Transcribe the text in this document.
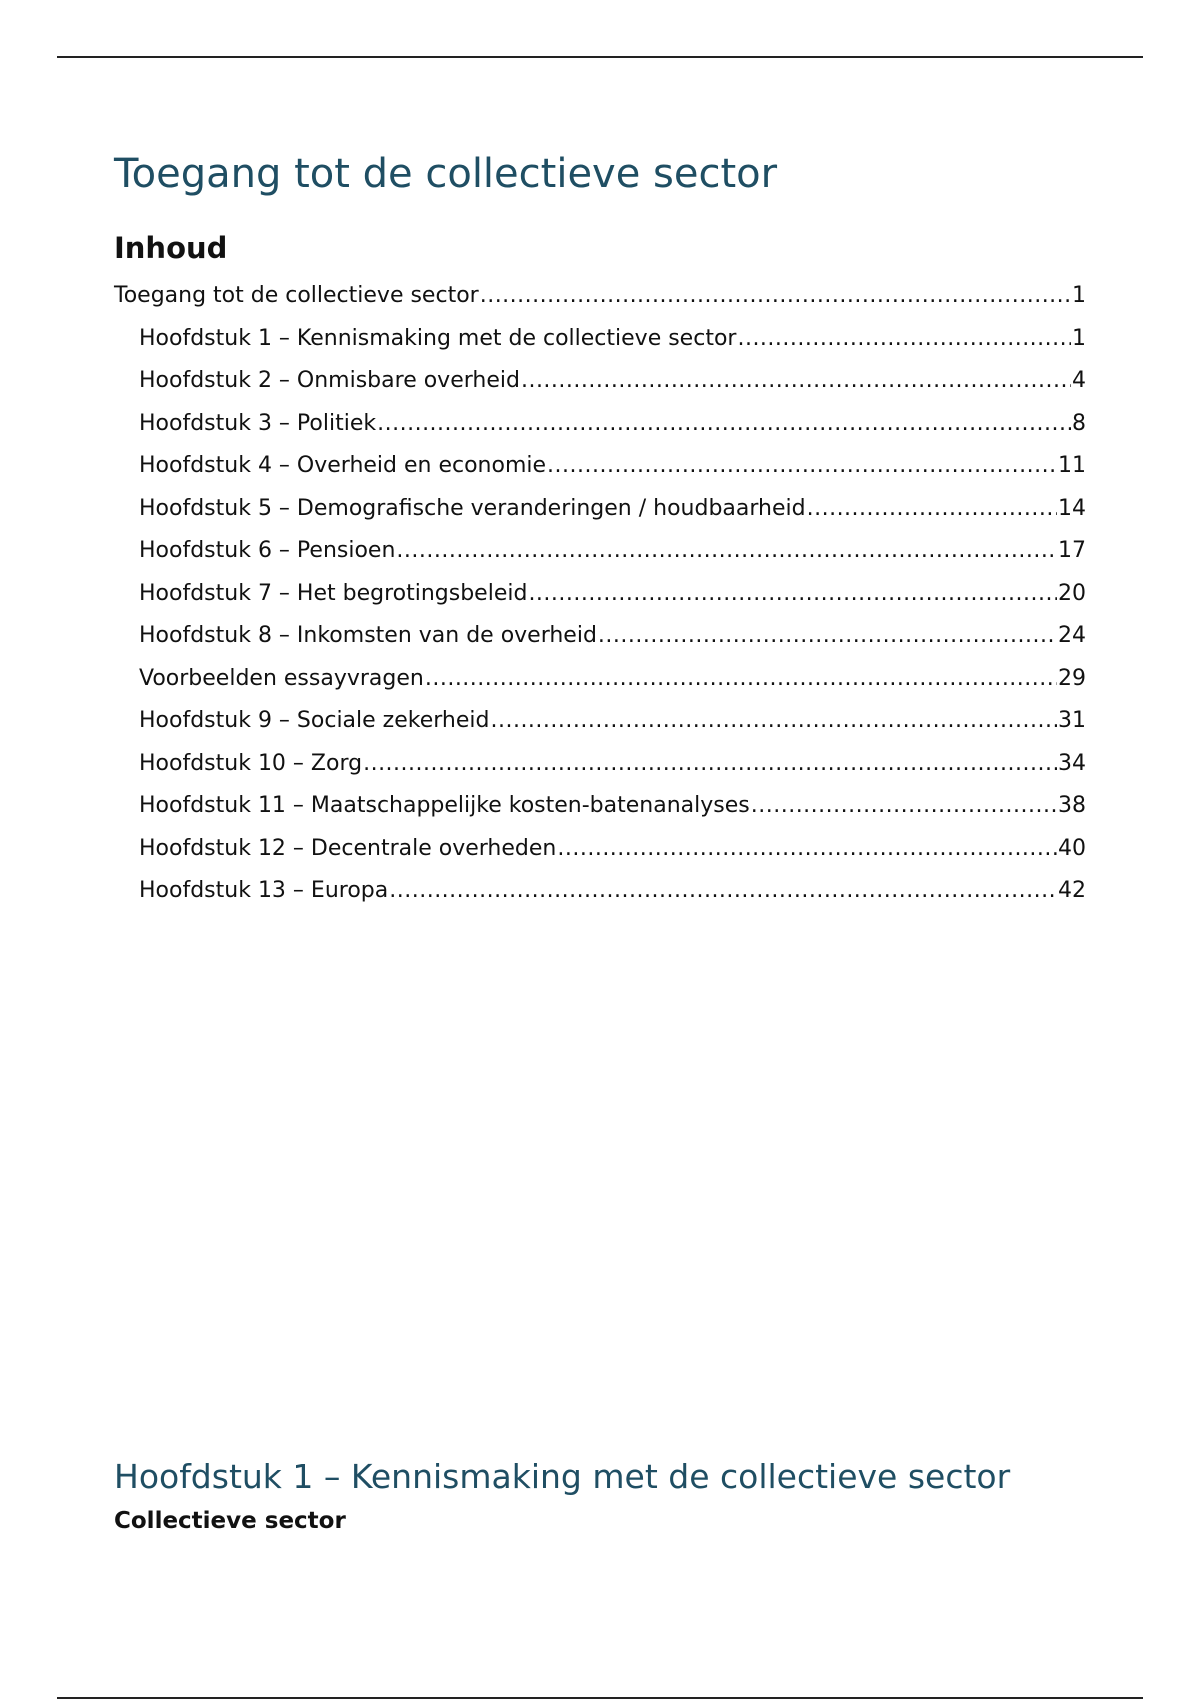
Toegang tot de collectieve sector
Inhoud
Toegang tot de collectieve sector .....	1
Hoofdstuk 1 – Kennismaking met de collectieve sector .....	1
Hoofdstuk 2 – Onmisbare overheid .....	4
Hoofdstuk 3 – Politiek .....	8
Hoofdstuk 4 – Overheid en economie .....	11
Hoofdstuk 5 – Demografische veranderingen / houdbaarheid .....	14
Hoofdstuk 6 – Pensioen .....	17
Hoofdstuk 7 – Het begrotingsbeleid .....	20
Hoofdstuk 8 – Inkomsten van de overheid .....	24
Voorbeelden essayvragen .....	29
Hoofdstuk 9 – Sociale zekerheid .....	31
Hoofdstuk 10 – Zorg .....	34
Hoofdstuk 11 – Maatschappelijke kosten-batenanalyses .....	38
Hoofdstuk 12 – Decentrale overheden .....	40
Hoofdstuk 13 – Europa .....	42
Hoofdstuk 1 – Kennismaking met de collectieve sector
Collectieve sector
